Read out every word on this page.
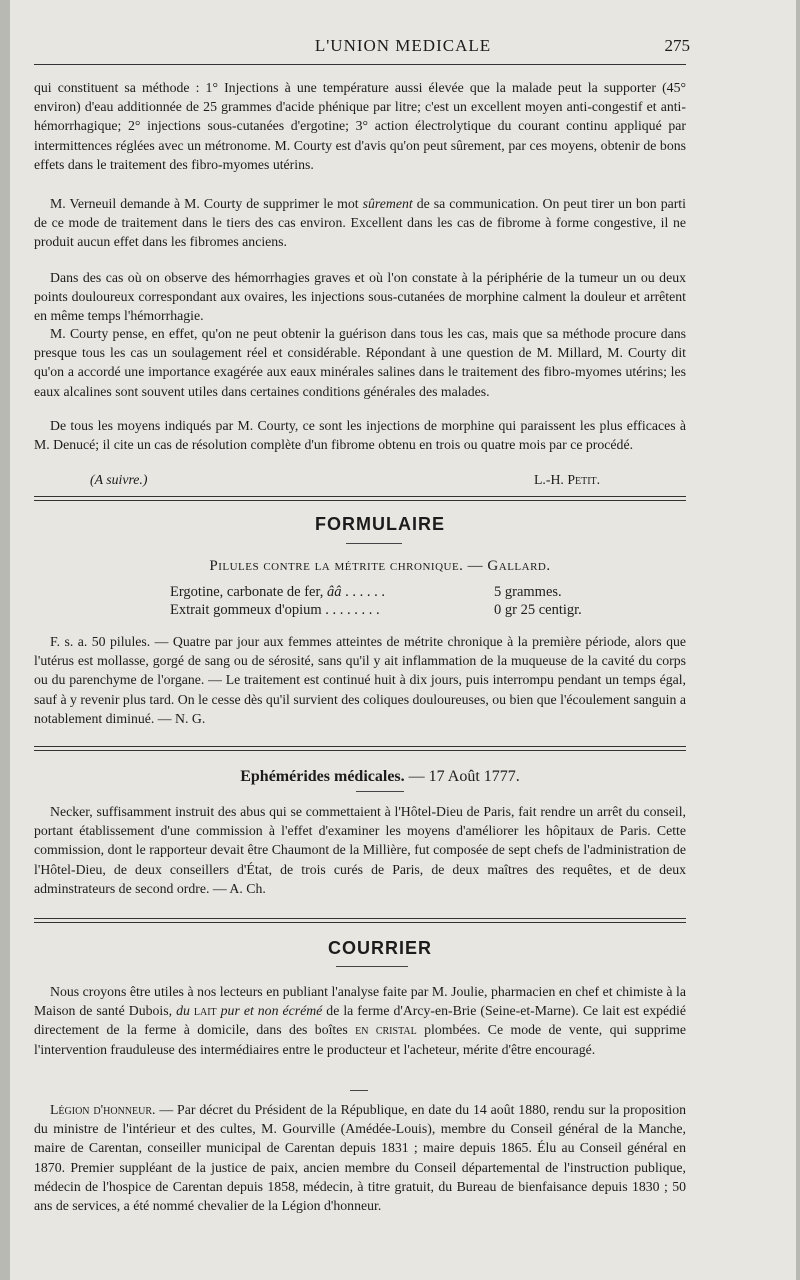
L'UNION MEDICALE	275
qui constituent sa méthode : 1° Injections à une température aussi élevée que la malade peut la supporter (45° environ) d'eau additionnée de 25 grammes d'acide phénique par litre; c'est un excellent moyen anti-congestif et anti-hémorrhagique; 2° injections sous-cutanées d'ergotine; 3° action électrolytique du courant continu appliqué par intermittences réglées avec un métronome. M. Courty est d'avis qu'on peut sûrement, par ces moyens, obtenir de bons effets dans le traitement des fibro-myomes utérins.
M. Verneuil demande à M. Courty de supprimer le mot sûrement de sa communication. On peut tirer un bon parti de ce mode de traitement dans le tiers des cas environ. Excellent dans les cas de fibrome à forme congestive, il ne produit aucun effet dans les fibromes anciens.
Dans des cas où on observe des hémorrhagies graves et où l'on constate à la périphérie de la tumeur un ou deux points douloureux correspondant aux ovaires, les injections sous-cutanées de morphine calment la douleur et arrêtent en même temps l'hémorrhagie.
M. Courty pense, en effet, qu'on ne peut obtenir la guérison dans tous les cas, mais que sa méthode procure dans presque tous les cas un soulagement réel et considérable. Répondant à une question de M. Millard, M. Courty dit qu'on a accordé une importance exagérée aux eaux minérales salines dans le traitement des fibro-myomes utérins; les eaux alcalines sont souvent utiles dans certaines conditions générales des malades.
De tous les moyens indiqués par M. Courty, ce sont les injections de morphine qui paraissent les plus efficaces à M. Denucé; il cite un cas de résolution complète d'un fibrome obtenu en trois ou quatre mois par ce procédé.
(A suivre.)	L.-H. Petit.
FORMULAIRE
Pilules contre la métrite chronique. — Gallard.
Ergotine, carbonate de fer, ââ . . . . . .	5 grammes.
Extrait gommeux d'opium . . . . . . . .	0 gr 25 centigr.
F. s. a. 50 pilules. — Quatre par jour aux femmes atteintes de métrite chronique à la première période, alors que l'utérus est mollasse, gorgé de sang ou de sérosité, sans qu'il y ait inflammation de la muqueuse de la cavité du corps ou du parenchyme de l'organe. — Le traitement est continué huit à dix jours, puis interrompu pendant un temps égal, sauf à y revenir plus tard. On le cesse dès qu'il survient des coliques douloureuses, ou bien que l'écoulement sanguin a notablement diminué. — N. G.
Ephémérides médicales. — 17 Août 1777.
Necker, suffisamment instruit des abus qui se commettaient à l'Hôtel-Dieu de Paris, fait rendre un arrêt du conseil, portant établissement d'une commission à l'effet d'examiner les moyens d'améliorer les hôpitaux de Paris. Cette commission, dont le rapporteur devait être Chaumont de la Millière, fut composée de sept chefs de l'administration de l'Hôtel-Dieu, de deux conseillers d'État, de trois curés de Paris, de deux maîtres des requêtes, et de deux adminstrateurs de second ordre. — A. Ch.
COURRIER
Nous croyons être utiles à nos lecteurs en publiant l'analyse faite par M. Joulie, pharmacien en chef et chimiste à la Maison de santé Dubois, du lait pur et non écrémé de la ferme d'Arcy-en-Brie (Seine-et-Marne). Ce lait est expédié directement de la ferme à domicile, dans des boîtes en cristal plombées. Ce mode de vente, qui supprime l'intervention frauduleuse des intermédiaires entre le producteur et l'acheteur, mérite d'être encouragé.
Légion d'honneur. — Par décret du Président de la République, en date du 14 août 1880, rendu sur la proposition du ministre de l'intérieur et des cultes, M. Gourville (Amédée-Louis), membre du Conseil général de la Manche, maire de Carentan, conseiller municipal de Carentan depuis 1831 ; maire depuis 1865. Élu au Conseil général en 1870. Premier suppléant de la justice de paix, ancien membre du Conseil départemental de l'instruction publique, médecin de l'hospice de Carentan depuis 1858, médecin, à titre gratuit, du Bureau de bienfaisance depuis 1830 ; 50 ans de services, a été nommé chevalier de la Légion d'honneur.
